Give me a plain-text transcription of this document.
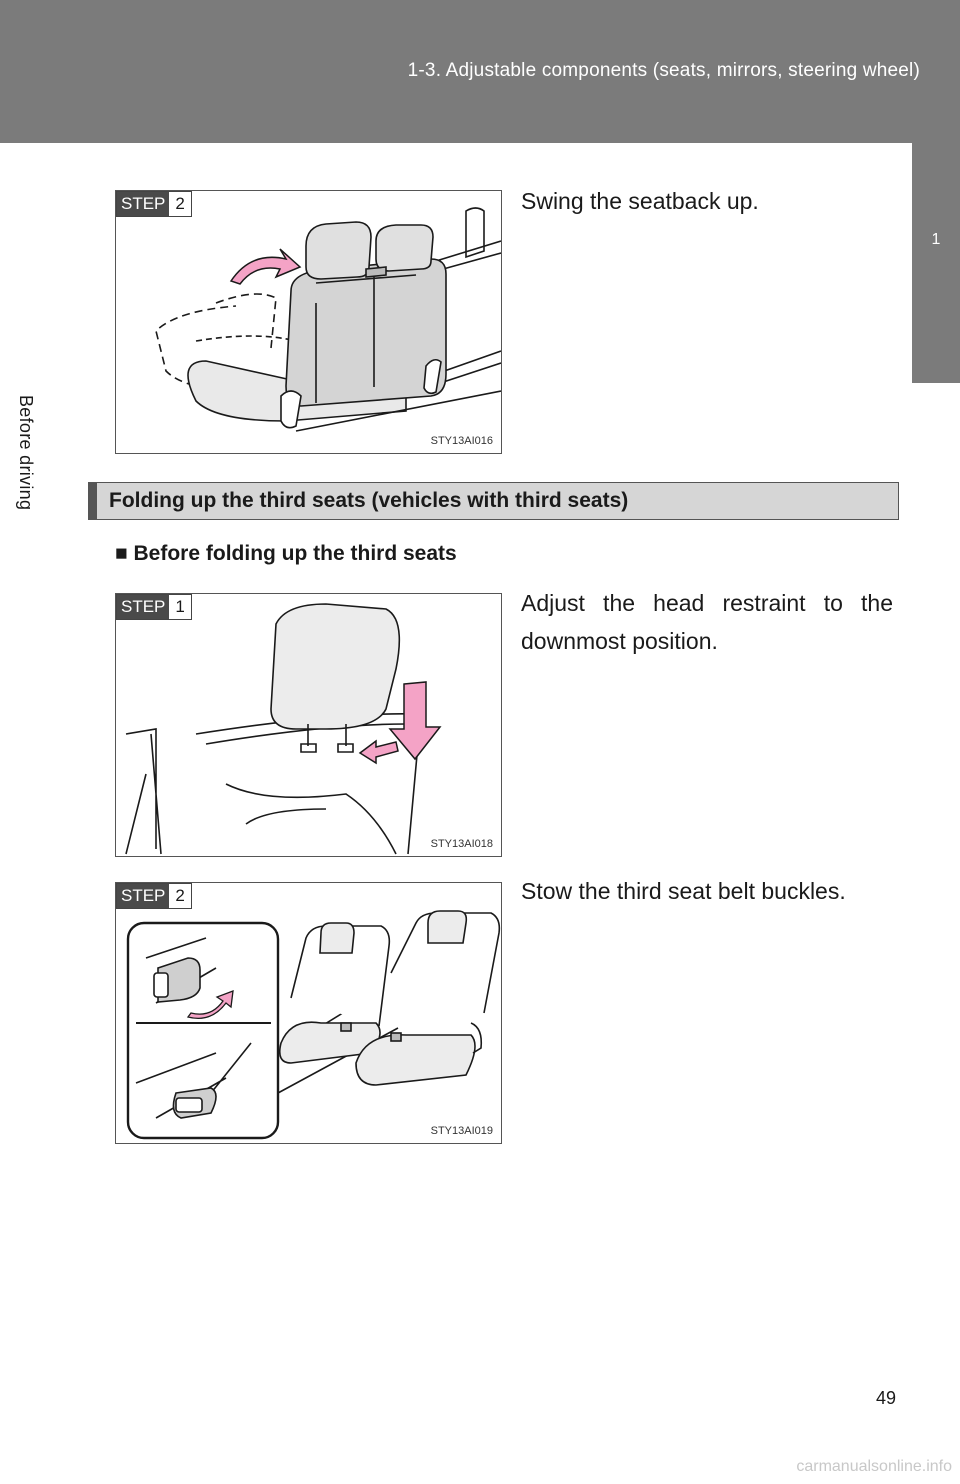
1-3. Adjustable components (seats, mirrors, steering wheel)
1
Before driving
STEP 2
STY13AI016
Swing the seatback up.
Folding up the third seats (vehicles with third seats)
■ Before folding up the third seats
STEP 1
STY13AI018
Adjust the head restraint to the downmost position.
STEP 2
STY13AI019
Stow the third seat belt buckles.
49
carmanualsonline.info
